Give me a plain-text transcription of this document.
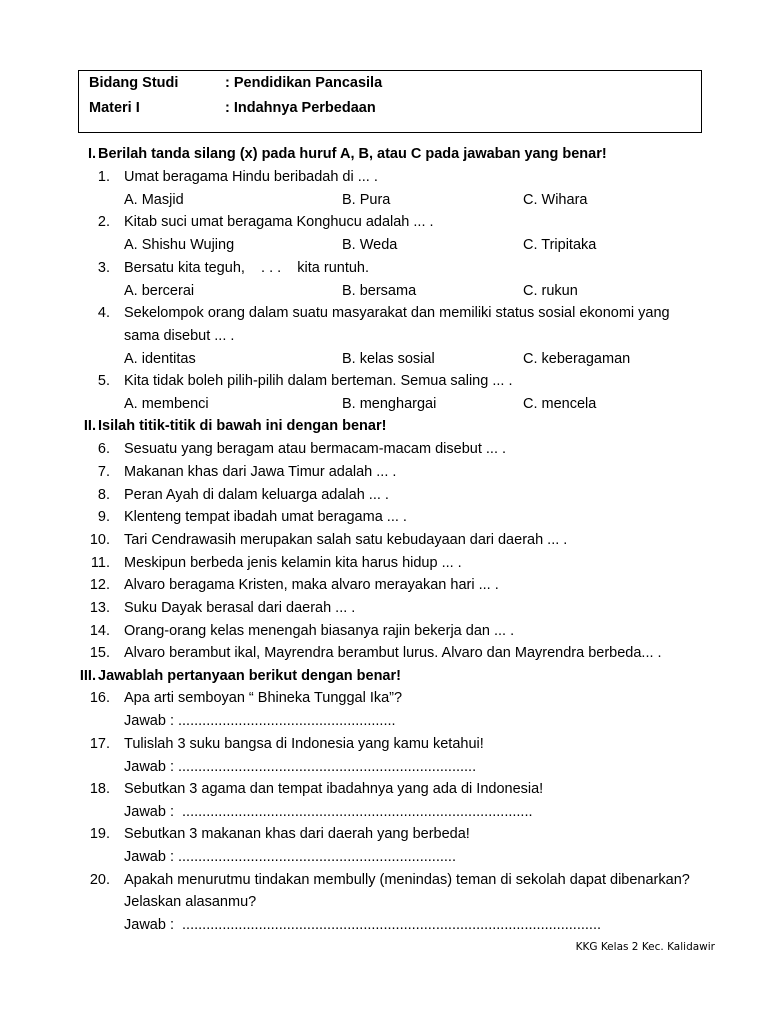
Bidang Studi	: Pendidikan Pancasila
Materi I	: Indahnya Perbedaan
I. Berilah tanda silang (x) pada huruf A, B, atau C pada jawaban yang benar!
1. Umat beragama Hindu beribadah di ... .
A. Masjid	B. Pura	C. Wihara
2. Kitab suci umat beragama Konghucu adalah ... .
A. Shishu Wujing	B. Weda	C. Tripitaka
3. Bersatu kita teguh,    . . .    kita runtuh.
A. bercerai	B. bersama	C. rukun
4. Sekelompok orang dalam suatu masyarakat dan memiliki status sosial ekonomi yang
sama disebut ... .
A. identitas	B. kelas sosial	C. keberagaman
5. Kita tidak boleh pilih-pilih dalam berteman. Semua saling ... .
A. membenci	B. menghargai	C. mencela
II. Isilah titik-titik di bawah ini dengan benar!
6. Sesuatu yang beragam atau bermacam-macam disebut ... .
7. Makanan khas dari Jawa Timur adalah ... .
8. Peran Ayah di dalam keluarga adalah ... .
9. Klenteng tempat ibadah umat beragama ... .
10. Tari Cendrawasih merupakan salah satu kebudayaan dari daerah ... .
11. Meskipun berbeda jenis kelamin kita harus hidup ... .
12. Alvaro beragama Kristen, maka alvaro merayakan hari ... .
13. Suku Dayak berasal dari daerah ... .
14. Orang-orang kelas menengah biasanya rajin bekerja dan ... .
15. Alvaro berambut ikal, Mayrendra berambut lurus. Alvaro dan Mayrendra berbeda... .
III. Jawablah pertanyaan berikut dengan benar!
16. Apa arti semboyan “ Bhineka Tunggal Ika”?
Jawab : ......................................................
17. Tulislah 3 suku bangsa di Indonesia yang kamu ketahui!
Jawab : ..........................................................................
18. Sebutkan 3 agama dan tempat ibadahnya yang ada di Indonesia!
Jawab :  .......................................................................................
19. Sebutkan 3 makanan khas dari daerah yang berbeda!
Jawab : .....................................................................
20. Apakah menurutmu tindakan membully (menindas) teman di sekolah dapat dibenarkan?
Jelaskan alasanmu?
Jawab :  ........................................................................................................
KKG Kelas 2 Kec. Kalidawir
